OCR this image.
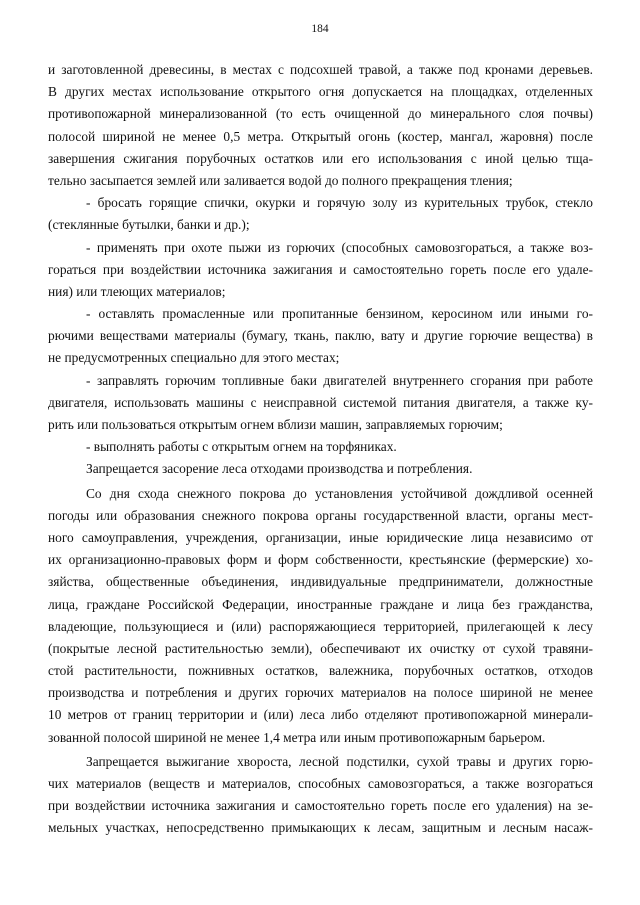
184
и заготовленной древесины, в местах с подсохшей травой, а также под кронами деревьев.
В других местах использование открытого огня допускается на площадках, отделенных
противопожарной минерализованной (то есть очищенной до минерального слоя почвы)
полосой шириной не менее 0,5 метра. Открытый огонь (костер, мангал, жаровня) после
завершения сжигания порубочных остатков или его использования с иной целью тща-
тельно засыпается землей или заливается водой до полного прекращения тления;
- бросать горящие спички, окурки и горячую золу из курительных трубок, стекло
(стеклянные бутылки, банки и др.);
- применять при охоте пыжи из горючих (способных самовозгораться, а также воз-
гораться при воздействии источника зажигания и самостоятельно гореть после его удале-
ния) или тлеющих материалов;
- оставлять промасленные или пропитанные бензином, керосином или иными го-
рючими веществами материалы (бумагу, ткань, паклю, вату и другие горючие вещества) в
не предусмотренных специально для этого местах;
- заправлять горючим топливные баки двигателей внутреннего сгорания при работе
двигателя, использовать машины с неисправной системой питания двигателя, а также ку-
рить или пользоваться открытым огнем вблизи машин, заправляемых горючим;
- выполнять работы с открытым огнем на торфяниках.
Запрещается засорение леса отходами производства и потребления.
Со дня схода снежного покрова до установления устойчивой дождливой осенней
погоды или образования снежного покрова органы государственной власти, органы мест-
ного самоуправления, учреждения, организации, иные юридические лица независимо от
их организационно-правовых форм и форм собственности, крестьянские (фермерские) хо-
зяйства, общественные объединения, индивидуальные предприниматели, должностные
лица, граждане Российской Федерации, иностранные граждане и лица без гражданства,
владеющие, пользующиеся и (или) распоряжающиеся территорией, прилегающей к лесу
(покрытые лесной растительностью земли), обеспечивают их очистку от сухой травяни-
стой растительности, пожнивных остатков, валежника, порубочных остатков, отходов
производства и потребления и других горючих материалов на полосе шириной не менее
10 метров от границ территории и (или) леса либо отделяют противопожарной минерали-
зованной полосой шириной не менее 1,4 метра или иным противопожарным барьером.
Запрещается выжигание хворостa, лесной подстилки, сухой травы и других горю-
чих материалов (веществ и материалов, способных самовозгораться, а также возгораться
при воздействии источника зажигания и самостоятельно гореть после его удаления) на зе-
мельных участках, непосредственно примыкающих к лесам, защитным и лесным насаж-
